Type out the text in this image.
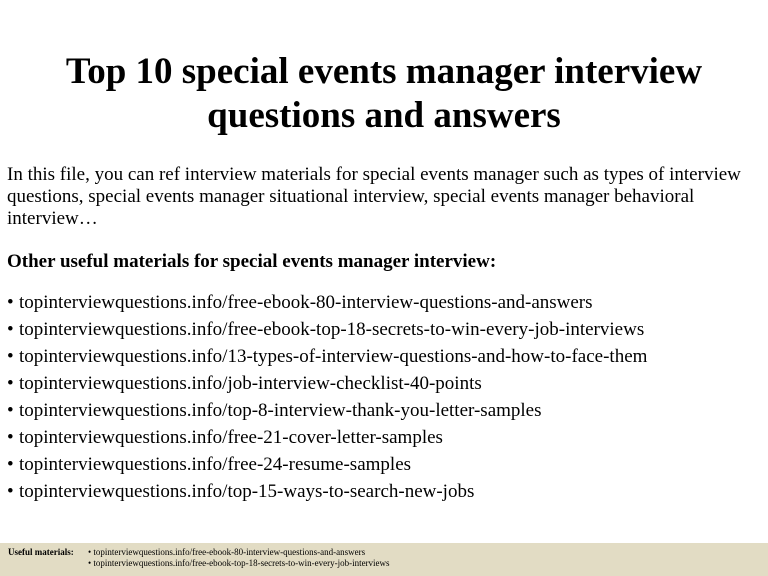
Top 10 special events manager interview questions and answers

In this file, you can ref interview materials for special events manager such as types of interview questions, special events manager situational interview, special events manager behavioral interview…

Other useful materials for special events manager interview:

• topinterviewquestions.info/free-ebook-80-interview-questions-and-answers
• topinterviewquestions.info/free-ebook-top-18-secrets-to-win-every-job-interviews
• topinterviewquestions.info/13-types-of-interview-questions-and-how-to-face-them
• topinterviewquestions.info/job-interview-checklist-40-points
• topinterviewquestions.info/top-8-interview-thank-you-letter-samples
• topinterviewquestions.info/free-21-cover-letter-samples
• topinterviewquestions.info/free-24-resume-samples
• topinterviewquestions.info/top-15-ways-to-search-new-jobs
Useful materials: • topinterviewquestions.info/free-ebook-80-interview-questions-and-answers
• topinterviewquestions.info/free-ebook-top-18-secrets-to-win-every-job-interviews
